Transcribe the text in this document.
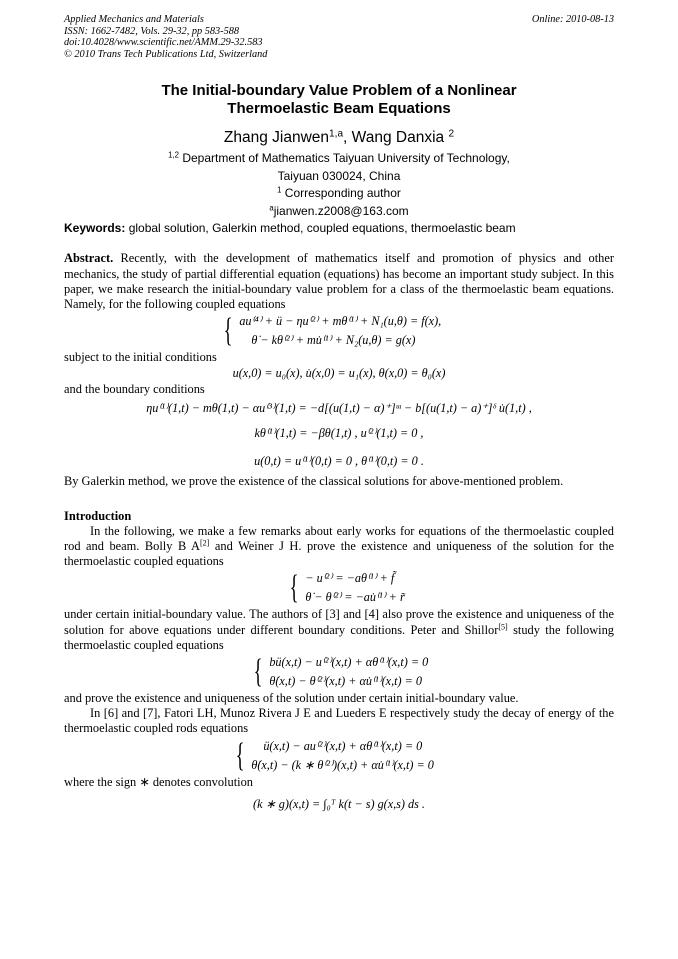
Applied Mechanics and Materials
ISSN: 1662-7482, Vols. 29-32, pp 583-588
doi:10.4028/www.scientific.net/AMM.29-32.583
© 2010 Trans Tech Publications Ltd, Switzerland
Online: 2010-08-13
The Initial-boundary Value Problem of a Nonlinear
Thermoelastic Beam Equations
Zhang Jianwen$^{1,a}$, Wang Danxia $^2$
$^{1,2}$ Department of Mathematics Taiyuan University of Technology,
Taiyuan 030024, China
$^1$ Corresponding author
$^a$jianwen.z2008@163.com
Keywords: global solution, Galerkin method, coupled equations, thermoelastic beam

Abstract. Recently, with the development of mathematics itself and promotion of physics and other mechanics, the study of partial differential equation (equations) has become an important study subject. In this paper, we make research the initial-boundary value problem for a class of the thermoelastic beam equations. Namely, for the following coupled equations

{ au⁽⁴⁾ + ü − ηu⁽²⁾ + mθ⁽¹⁾ + N₁(u,θ) = f(x),
θ̇ − kθ⁽²⁾ + mu̇⁽¹⁾ + N₂(u,θ) = g(x)

subject to the initial conditions

u(x,0) = u₀(x), u̇(x,0) = u₁(x), θ(x,0) = θ₀(x)

and the boundary conditions

ηu⁽¹⁾(1,t) − mθ(1,t) − αu⁽³⁾(1,t) = −d[(u(1,t) − α)⁺]ᵚ − b[(u(1,t) − a)⁺]ᵟ u̇(1,t) ,
kθ⁽¹⁾(1,t) = −βθ(1,t) , u⁽²⁾(1,t) = 0 ,
u(0,t) = u⁽¹⁾(0,t) = 0 , θ⁽¹⁾(0,t) = 0 .

By Galerkin method, we prove the existence of the classical solutions for above-mentioned problem.

Introduction

In the following, we make a few remarks about early works for equations of the thermoelastic coupled rod and beam. Bolly B A[2] and Weiner J H. prove the existence and uniqueness of the solution for the thermoelastic coupled equations

{ − u⁽²⁾ = −aθ⁽¹⁾ + f̃
θ̇ − θ⁽²⁾ = −au̇⁽¹⁾ + r̃

under certain initial-boundary value. The authors of [3] and [4] also prove the existence and uniqueness of the solution for above equations under different boundary conditions. Peter and Shillor[5] study the following thermoelastic coupled equations

{ bü(x,t) − u⁽²⁾(x,t) + αθ⁽¹⁾(x,t) = 0
θ̇(x,t) − θ⁽²⁾(x,t) + αu̇⁽¹⁾(x,t) = 0

and prove the existence and uniqueness of the solution under certain initial-boundary value.

In [6] and [7], Fatori LH, Munoz Rivera J E and Lueders E respectively study the decay of energy of the thermoelastic coupled rods equations

{	ü(x,t) − au⁽²⁾(x,t) + αθ⁽¹⁾(x,t) = 0
θ̇(x,t) − (k ∗ θ⁽²⁾)(x,t) + αu̇⁽¹⁾(x,t) = 0

where the sign ∗ denotes convolution

(k ∗ g)(x,t) = ∫₀ᵀ k(t − s) g(x,s) ds .
